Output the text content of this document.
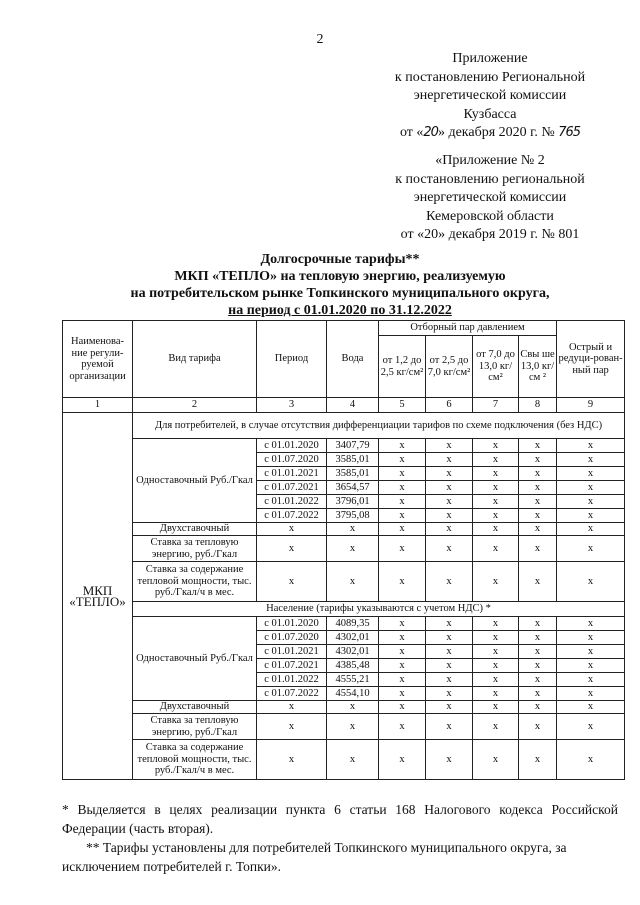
2
Приложение
к постановлению Региональной
энергетической комиссии
Кузбасса
от «20» декабря 2020 г. № 765
«Приложение № 2
к постановлению региональной
энергетической комиссии
Кемеровской области
от «20» декабря 2019 г. № 801
Долгосрочные тарифы**
МКП «ТЕПЛО» на тепловую энергию, реализуемую
на потребительском рынке Топкинского муниципального округа,
на период с 01.01.2020 по 31.12.2022
Наименова-ние регули-руемой организации	Вид тарифа	Период	Вода	Отборный пар давлением				Острый и редуци-рован-ный пар
				от 1,2 до 2,5 кг/см²	от 2,5 до 7,0 кг/см²	от 7,0 до 13,0 кг/см²	Свы ше 13,0 кг/см ²	
1	2	3	4	5	6	7	8	9
МКП «ТЕПЛО»	Для потребителей, в случае отсутствия дифференциации тарифов по схеме подключения (без НДС)							
	Одноставочный Руб./Гкал	с 01.01.2020	3407,79	х	х	х	х	х
		с 01.07.2020	3585,01	х	х	х	х	х
		с 01.01.2021	3585,01	х	х	х	х	х
		с 01.07.2021	3654,57	х	х	х	х	х
		с 01.01.2022	3796,01	х	х	х	х	х
		с 01.07.2022	3795,08	х	х	х	х	х
	Двухставочный	х	х	х	х	х	х	х
	Ставка за тепловую энергию, руб./Гкал	х	х	х	х	х	х	х
	Ставка за содержание тепловой мощности, тыс. руб./Гкал/ч в мес.	х	х	х	х	х	х	х
	Население (тарифы указываются с учетом НДС) *							
	Одноставочный Руб./Гкал	с 01.01.2020	4089,35	х	х	х	х	х
		с 01.07.2020	4302,01	х	х	х	х	х
		с 01.01.2021	4302,01	х	х	х	х	х
		с 01.07.2021	4385,48	х	х	х	х	х
		с 01.01.2022	4555,21	х	х	х	х	х
		с 01.07.2022	4554,10	х	х	х	х	х
	Двухставочный	х	х	х	х	х	х	х
	Ставка за тепловую энергию, руб./Гкал	х	х	х	х	х	х	х
	Ставка за содержание тепловой мощности, тыс. руб./Гкал/ч в мес.	х	х	х	х	х	х	х
* Выделяется в целях реализации пункта 6 статьи 168 Налогового кодекса Российской Федерации (часть вторая).
** Тарифы установлены для потребителей Топкинского муниципального округа, за исключением потребителей г. Топки».
